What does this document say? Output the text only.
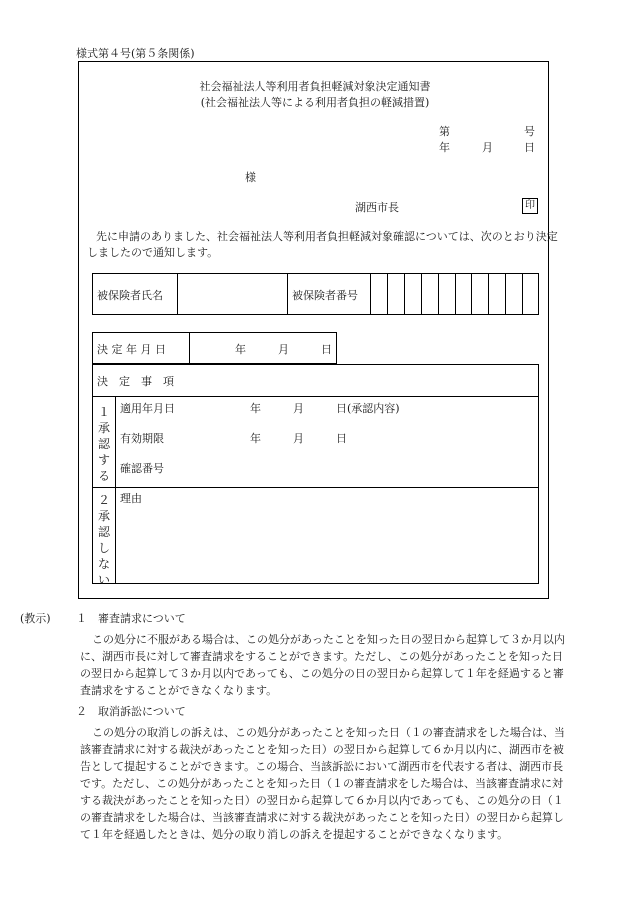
様式第４号(第５条関係)
社会福祉法人等利用者負担軽減対象決定通知書
(社会福祉法人等による利用者負担の軽減措置)
第	号
年	月	日
様
湖西市長	印
先に申請のありました、社会福祉法人等利用者負担軽減対象確認については、次のとおり決定
しましたので通知します。
被保険者氏名	被保険者番号
決 定 年 月 日	年	月	日
決　定　事　項
１承認する
適用年月日	年	月	日(承認内容)
有効期限	年	月	日
確認番号
２承認しない
理由
(教示) １　審査請求について
この処分に不服がある場合は、この処分があったことを知った日の翌日から起算して３か月以内
に、湖西市長に対して審査請求をすることができます。ただし、この処分があったことを知った日
の翌日から起算して３か月以内であっても、この処分の日の翌日から起算して１年を経過すると審
査請求をすることができなくなります。
２　取消訴訟について
この処分の取消しの訴えは、この処分があったことを知った日（１の審査請求をした場合は、当
該審査請求に対する裁決があったことを知った日）の翌日から起算して６か月以内に、湖西市を被
告として提起することができます。この場合、当該訴訟において湖西市を代表する者は、湖西市長
です。ただし、この処分があったことを知った日（１の審査請求をした場合は、当該審査請求に対
する裁決があったことを知った日）の翌日から起算して６か月以内であっても、この処分の日（１
の審査請求をした場合は、当該審査請求に対する裁決があったことを知った日）の翌日から起算し
て１年を経過したときは、処分の取り消しの訴えを提起することができなくなります。
